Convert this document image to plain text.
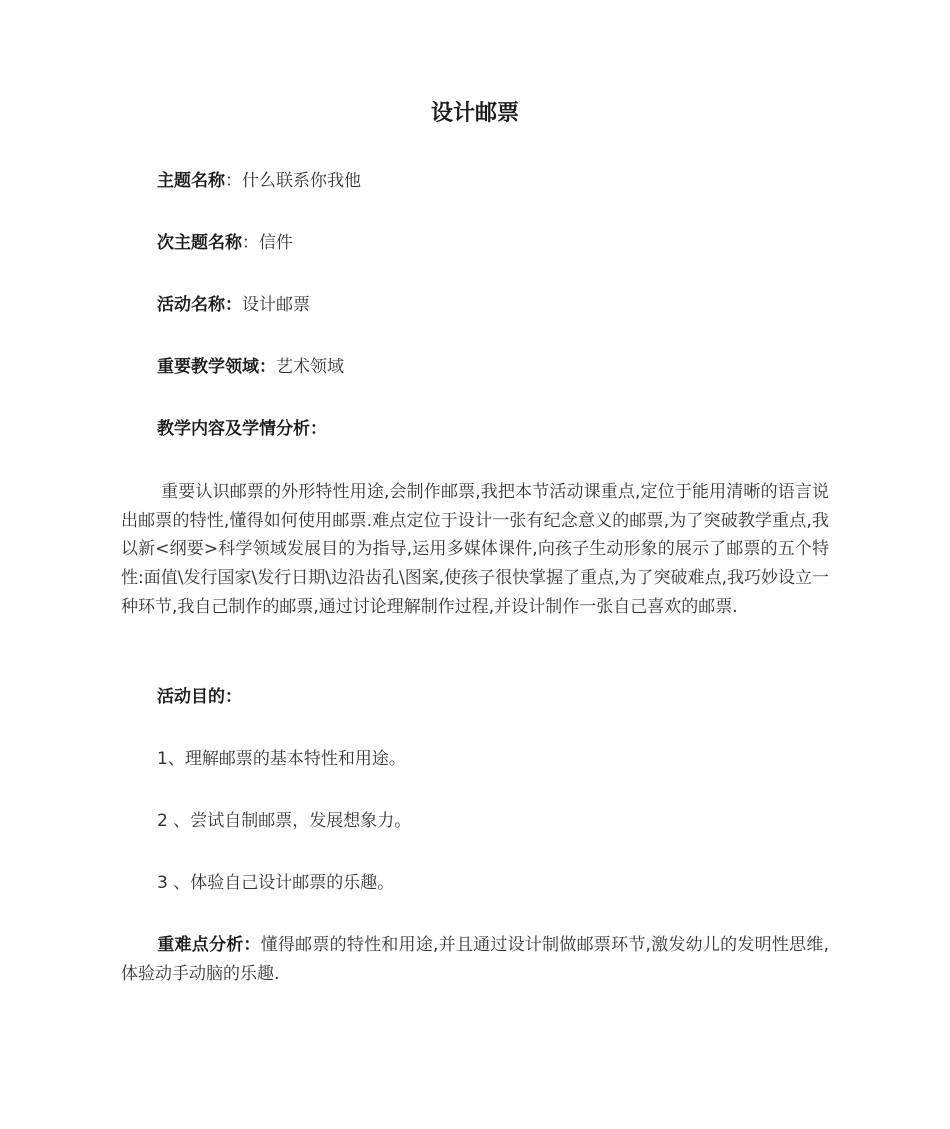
设计邮票
主题名称：什么联系你我他
次主题名称：信件
活动名称：设计邮票
重要教学领域：艺术领域
教学内容及学情分析：
重要认识邮票的外形特性用途,会制作邮票,我把本节活动课重点,定位于能用清晰的语言说出邮票的特性,懂得如何使用邮票.难点定位于设计一张有纪念意义的邮票,为了突破教学重点,我以新<纲要>科学领域发展目的为指导,运用多媒体课件,向孩子生动形象的展示了邮票的五个特性:面值\发行国家\发行日期\边沿齿孔\图案,使孩子很快掌握了重点,为了突破难点,我巧妙设立一种环节,我自己制作的邮票,通过讨论理解制作过程,并设计制作一张自己喜欢的邮票.
活动目的：
1、理解邮票的基本特性和用途。
2 、尝试自制邮票，发展想象力。
3 、体验自己设计邮票的乐趣。
重难点分析：懂得邮票的特性和用途,并且通过设计制做邮票环节,激发幼儿的发明性思维,体验动手动脑的乐趣.
